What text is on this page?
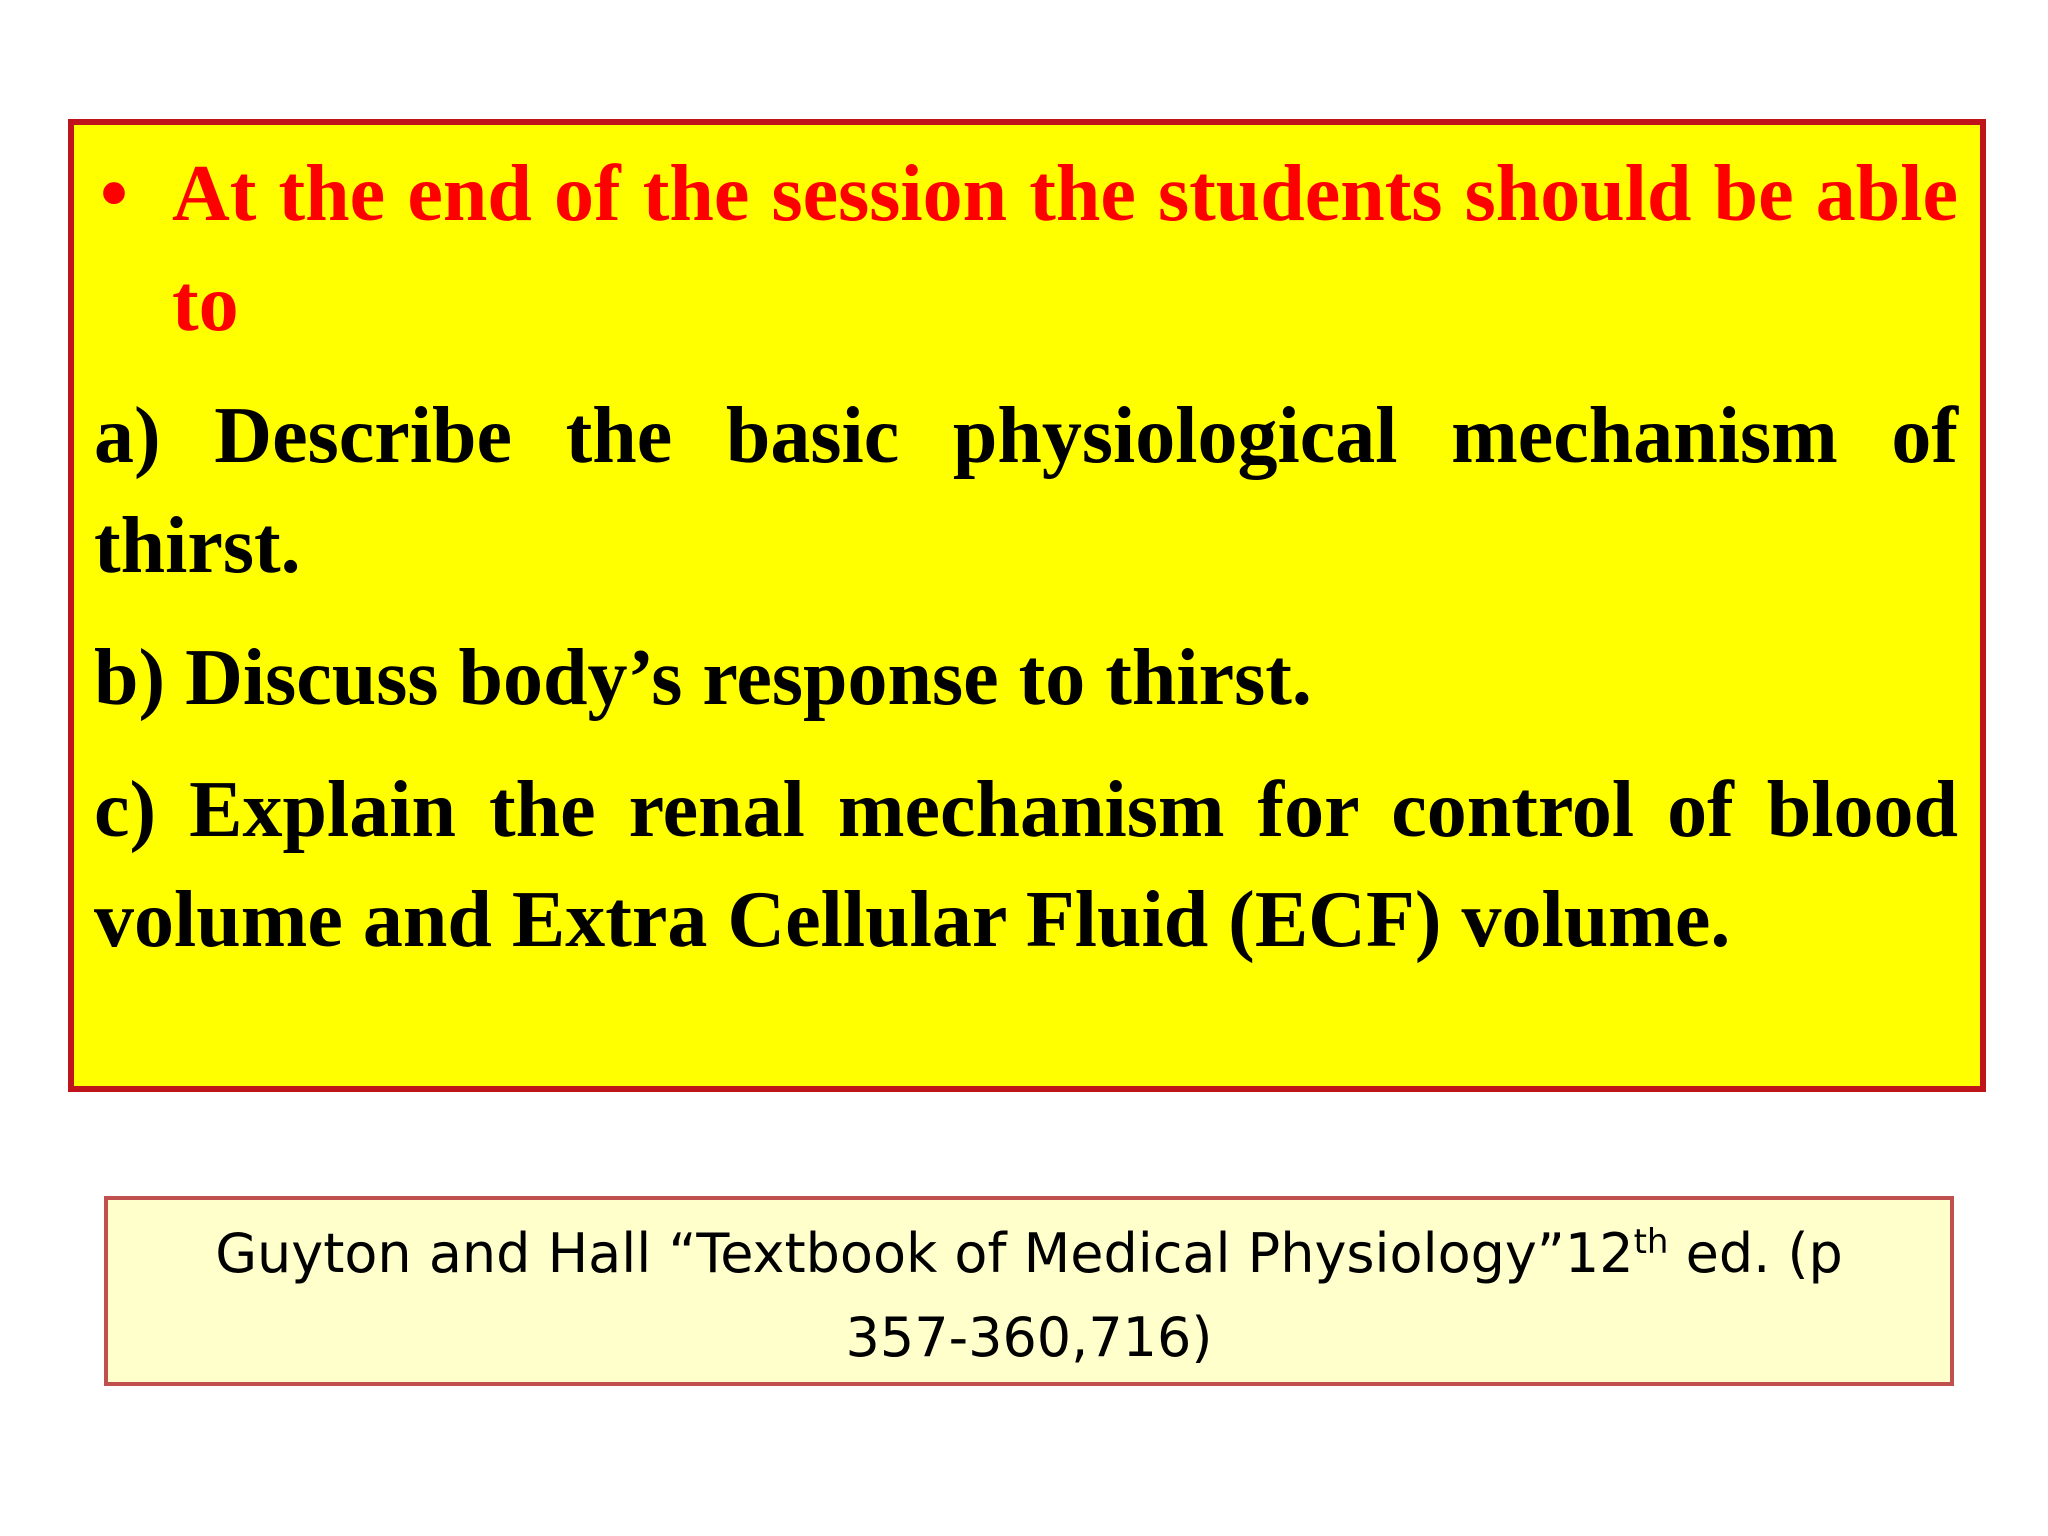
• At the end of the session the students should be able to
a) Describe the basic physiological mechanism of thirst.
b) Discuss body’s response to thirst.
c) Explain the renal mechanism for control of blood volume and Extra Cellular Fluid (ECF) volume.
Guyton and Hall “Textbook of Medical Physiology”12th ed. (p 357-360,716)
